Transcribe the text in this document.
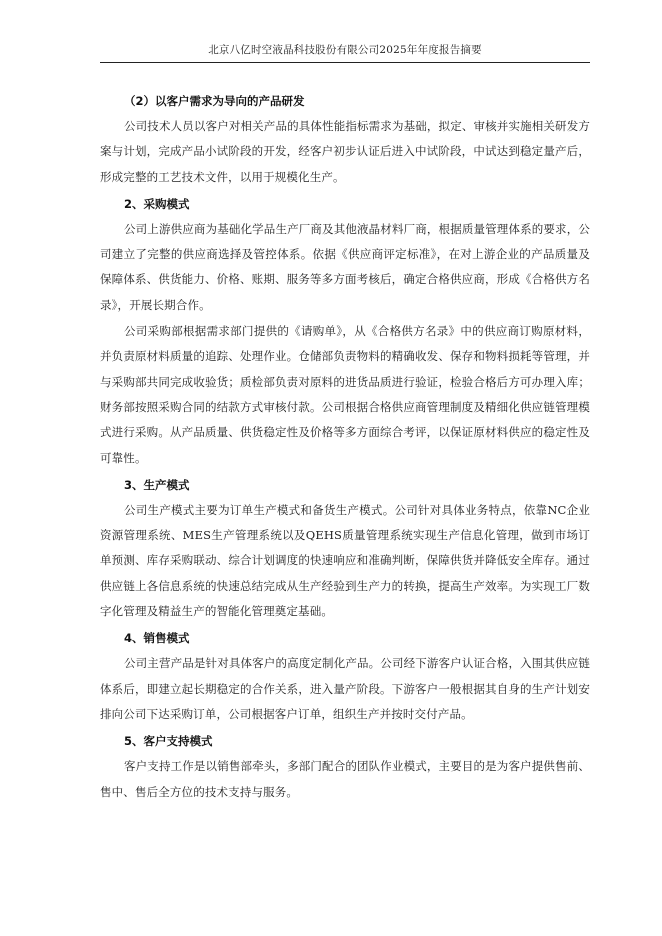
北京八亿时空液晶科技股份有限公司2025年年度报告摘要
（2）以客户需求为导向的产品研发

公司技术人员以客户对相关产品的具体性能指标需求为基础，拟定、审核并实施相关研发方案与计划，完成产品小试阶段的开发，经客户初步认证后进入中试阶段，中试达到稳定量产后，形成完整的工艺技术文件，以用于规模化生产。

2、采购模式

公司上游供应商为基础化学品生产厂商及其他液晶材料厂商，根据质量管理体系的要求，公司建立了完整的供应商选择及管控体系。依据《供应商评定标准》，在对上游企业的产品质量及保障体系、供货能力、价格、账期、服务等多方面考核后，确定合格供应商，形成《合格供方名录》，开展长期合作。

公司采购部根据需求部门提供的《请购单》，从《合格供方名录》中的供应商订购原材料，并负责原材料质量的追踪、处理作业。仓储部负责物料的精确收发、保存和物料损耗等管理，并与采购部共同完成收验货；质检部负责对原料的进货品质进行验证，检验合格后方可办理入库；财务部按照采购合同的结款方式审核付款。公司根据合格供应商管理制度及精细化供应链管理模式进行采购。从产品质量、供货稳定性及价格等多方面综合考评，以保证原材料供应的稳定性及可靠性。

3、生产模式

公司生产模式主要为订单生产模式和备货生产模式。公司针对具体业务特点，依靠NC企业资源管理系统、MES生产管理系统以及QEHS质量管理系统实现生产信息化管理，做到市场订单预测、库存采购联动、综合计划调度的快速响应和准确判断，保障供货并降低安全库存。通过供应链上各信息系统的快速总结完成从生产经验到生产力的转换，提高生产效率。为实现工厂数字化管理及精益生产的智能化管理奠定基础。

4、销售模式

公司主营产品是针对具体客户的高度定制化产品。公司经下游客户认证合格，入围其供应链体系后，即建立起长期稳定的合作关系，进入量产阶段。下游客户一般根据其自身的生产计划安排向公司下达采购订单，公司根据客户订单，组织生产并按时交付产品。

5、客户支持模式

客户支持工作是以销售部牵头，多部门配合的团队作业模式，主要目的是为客户提供售前、售中、售后全方位的技术支持与服务。
